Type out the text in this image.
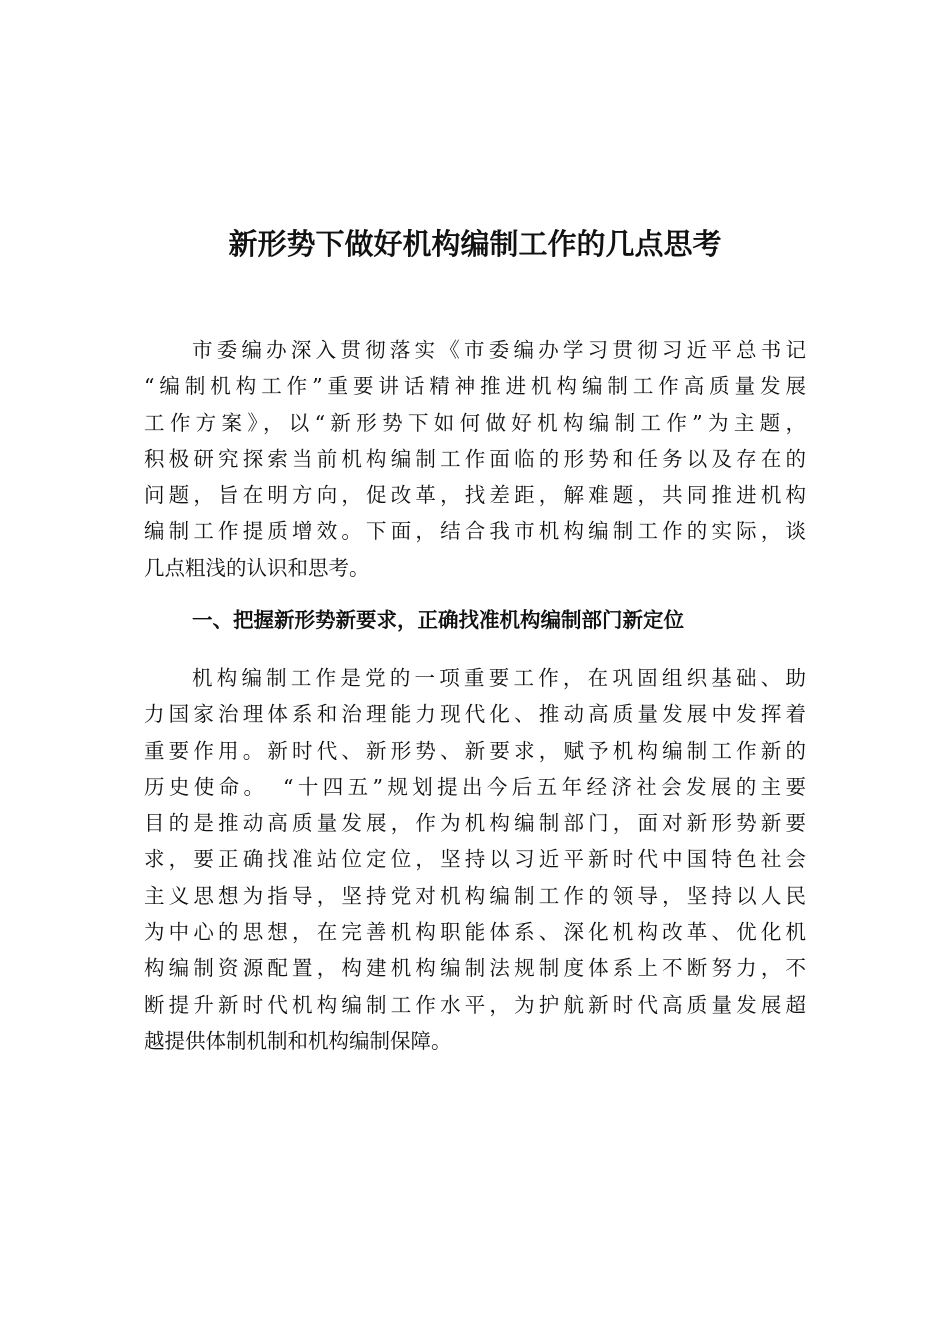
新形势下做好机构编制工作的几点思考
市委编办深入贯彻落实《市委编办学习贯彻习近平总书记
“编制机构工作”重要讲话精神推进机构编制工作高质量发展
工作方案》，以“新形势下如何做好机构编制工作”为主题，
积极研究探索当前机构编制工作面临的形势和任务以及存在的
问题，旨在明方向，促改革，找差距，解难题，共同推进机构
编制工作提质增效。下面，结合我市机构编制工作的实际，谈
几点粗浅的认识和思考。
一、把握新形势新要求，正确找准机构编制部门新定位
机构编制工作是党的一项重要工作，在巩固组织基础、助
力国家治理体系和治理能力现代化、推动高质量发展中发挥着
重要作用。新时代、新形势、新要求，赋予机构编制工作新的
历史使命。　“十四五”规划提出今后五年经济社会发展的主要
目的是推动高质量发展，作为机构编制部门，面对新形势新要
求，要正确找准站位定位，坚持以习近平新时代中国特色社会
主义思想为指导，坚持党对机构编制工作的领导，坚持以人民
为中心的思想，在完善机构职能体系、深化机构改革、优化机
构编制资源配置，构建机构编制法规制度体系上不断努力，不
断提升新时代机构编制工作水平，为护航新时代高质量发展超
越提供体制机制和机构编制保障。
